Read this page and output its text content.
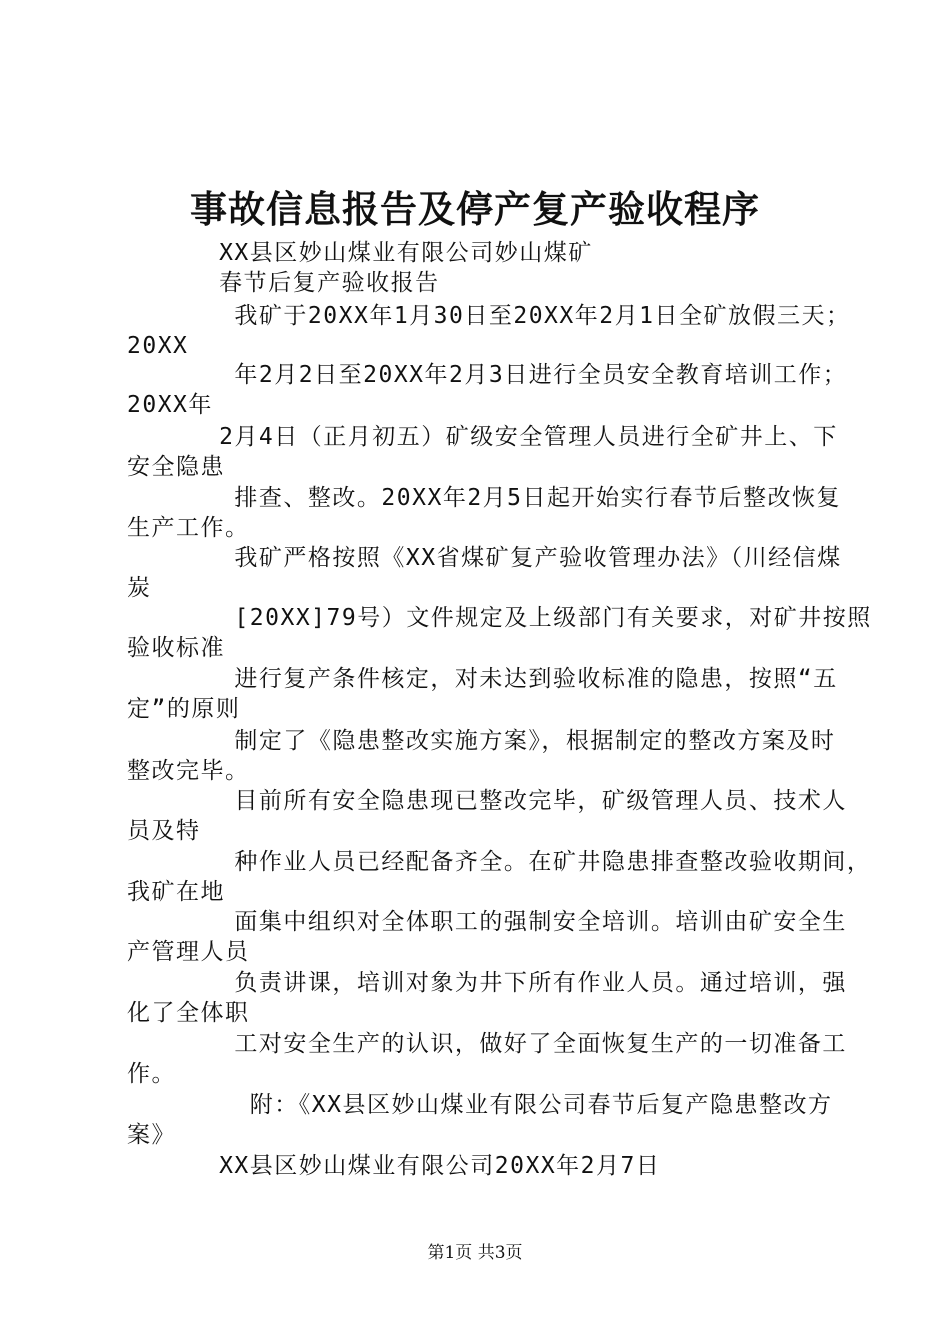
事故信息报告及停产复产验收程序
XX县区妙山煤业有限公司妙山煤矿
春节后复产验收报告
我矿于20XX年1月30日至20XX年2月1日全矿放假三天；
20XX
年2月2日至20XX年2月3日进行全员安全教育培训工作；
20XX年
2月4日（正月初五）矿级安全管理人员进行全矿井上、下
安全隐患
排查、整改。20XX年2月5日起开始实行春节后整改恢复
生产工作。
我矿严格按照《XX省煤矿复产验收管理办法》（川经信煤
炭
[20XX]79号）文件规定及上级部门有关要求，对矿井按照
验收标准
进行复产条件核定，对未达到验收标准的隐患，按照“五
定”的原则
制定了《隐患整改实施方案》，根据制定的整改方案及时
整改完毕。
目前所有安全隐患现已整改完毕，矿级管理人员、技术人
员及特
种作业人员已经配备齐全。在矿井隐患排查整改验收期间，
我矿在地
面集中组织对全体职工的强制安全培训。培训由矿安全生
产管理人员
负责讲课，培训对象为井下所有作业人员。通过培训，强
化了全体职
工对安全生产的认识，做好了全面恢复生产的一切准备工
作。
附：《XX县区妙山煤业有限公司春节后复产隐患整改方
案》
XX县区妙山煤业有限公司20XX年2月7日
第1页 共3页
